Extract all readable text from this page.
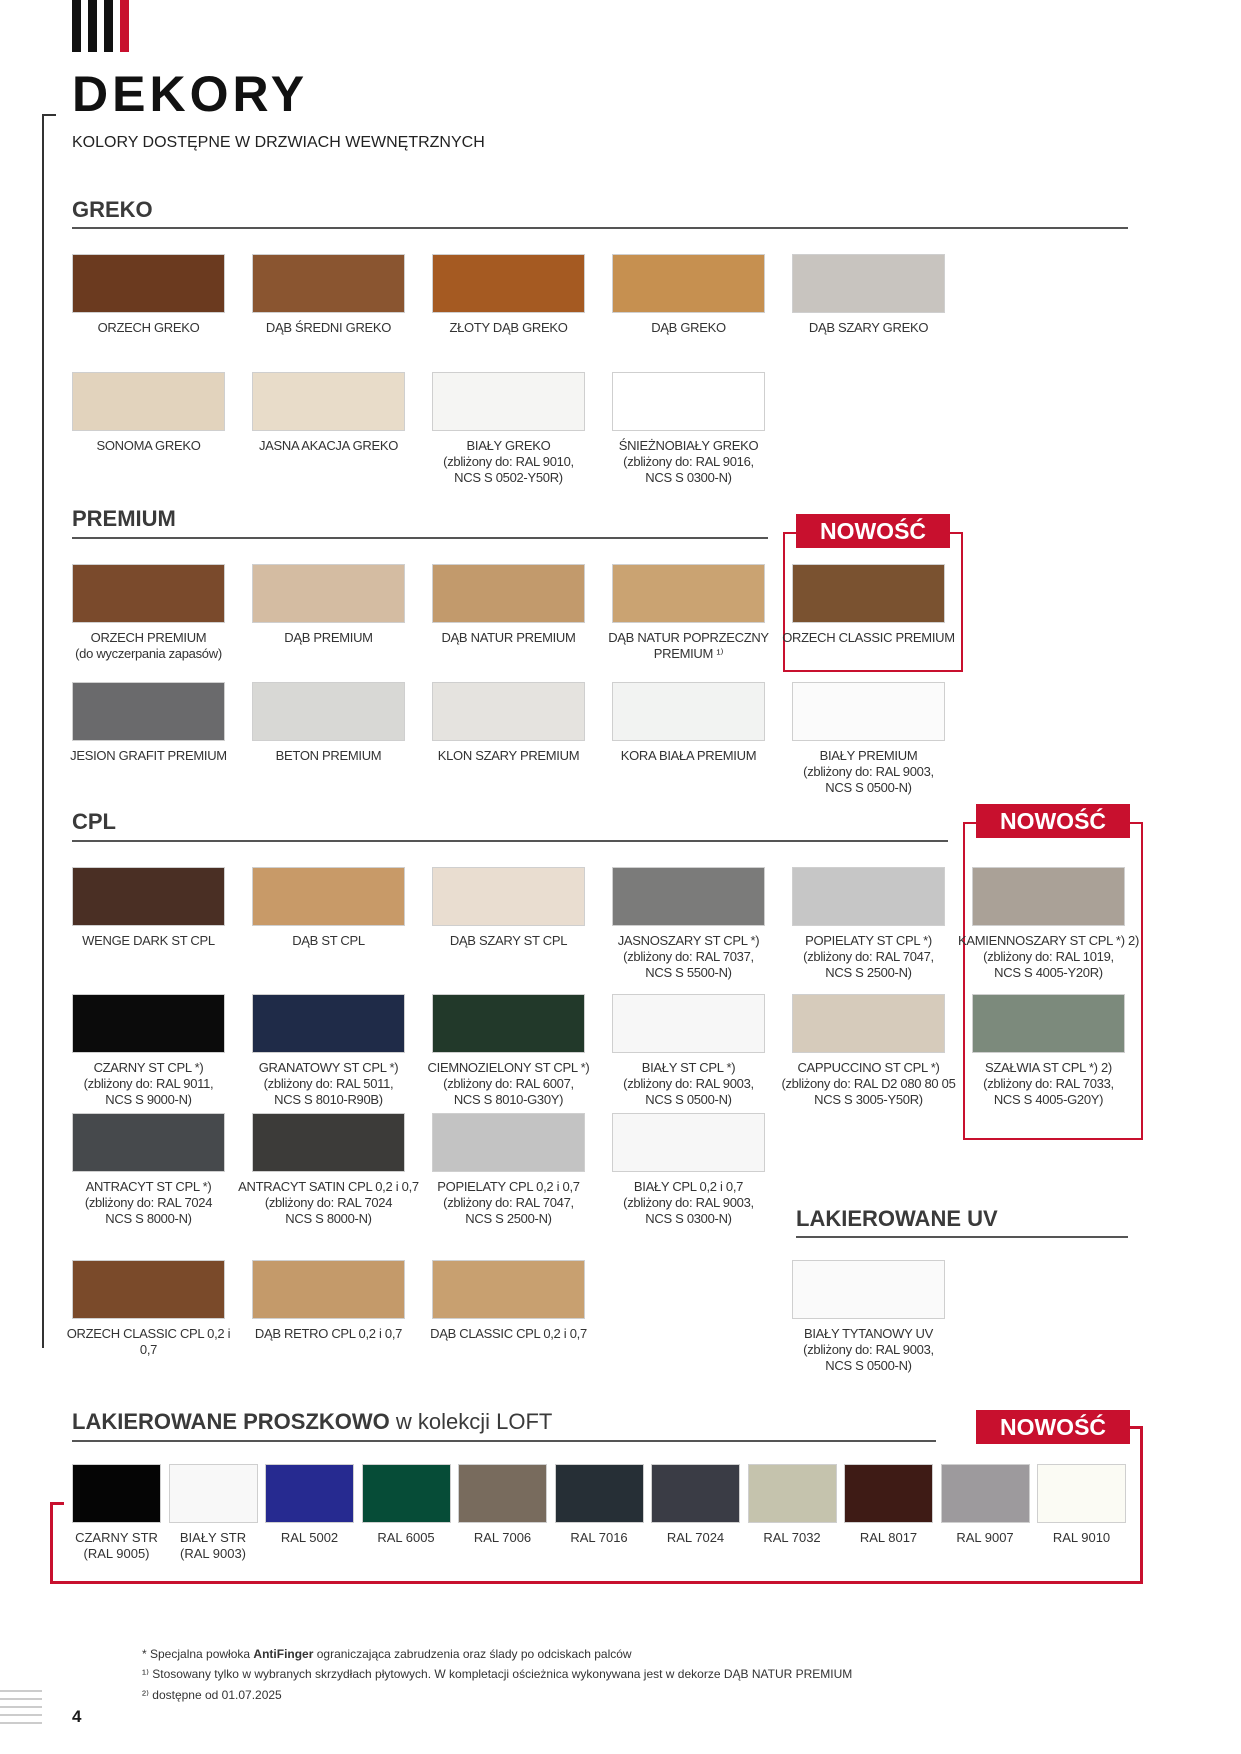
DEKORY
KOLORY DOSTĘPNE W DRZWIACH WEWNĘTRZNYCH
GREKO
PREMIUM
CPL
LAKIEROWANE UV
LAKIEROWANE PROSZKOWO w kolekcji LOFT
NOWOŚĆ
NOWOŚĆ
NOWOŚĆ
ORZECH GREKO	DĄB ŚREDNI GREKO	ZŁOTY DĄB GREKO	DĄB GREKO	DĄB SZARY GREKO
SONOMA GREKO	JASNA AKACJA GREKO	BIAŁY GREKO
(zbliżony do: RAL 9010,
NCS S 0502-Y50R)
ŚNIEŻNOBIAŁY GREKO
(zbliżony do: RAL 9016,
NCS S 0300-N)
ORZECH PREMIUM
(do wyczerpania zapasów)
DĄB PREMIUM	DĄB NATUR PREMIUM	DĄB NATUR POPRZECZNY
PREMIUM ¹⁾
ORZECH CLASSIC PREMIUM
JESION GRAFIT PREMIUM	BETON PREMIUM	KLON SZARY PREMIUM	KORA BIAŁA PREMIUM	BIAŁY PREMIUM
(zbliżony do: RAL 9003,
NCS S 0500-N)
WENGE DARK ST CPL	DĄB ST CPL	DĄB SZARY ST CPL	JASNOSZARY ST CPL *)
(zbliżony do: RAL 7037,
NCS S 5500-N)
POPIELATY ST CPL *)
(zbliżony do: RAL 7047,
NCS S 2500-N)
KAMIENNOSZARY ST CPL *) 2)
(zbliżony do: RAL 1019,
NCS S 4005-Y20R)
CZARNY ST CPL *)
(zbliżony do: RAL 9011,
NCS S 9000-N)
GRANATOWY ST CPL *)
(zbliżony do: RAL 5011,
NCS S 8010-R90B)
CIEMNOZIELONY ST CPL *)
(zbliżony do: RAL 6007,
NCS S 8010-G30Y)
BIAŁY ST CPL *)
(zbliżony do: RAL 9003,
NCS S 0500-N)
CAPPUCCINO ST CPL *)
(zbliżony do: RAL D2 080 80 05
NCS S 3005-Y50R)
SZAŁWIA ST CPL *) 2)
(zbliżony do: RAL 7033,
NCS S 4005-G20Y)
ANTRACYT ST CPL *)
(zbliżony do: RAL 7024
NCS S 8000-N)
ANTRACYT SATIN CPL 0,2 i 0,7
(zbliżony do: RAL 7024
NCS S 8000-N)
POPIELATY CPL 0,2 i 0,7
(zbliżony do: RAL 7047,
NCS S 2500-N)
BIAŁY CPL 0,2 i 0,7
(zbliżony do: RAL 9003,
NCS S 0300-N)
ORZECH CLASSIC CPL 0,2 i 0,7
DĄB RETRO CPL 0,2 i 0,7	DĄB CLASSIC CPL 0,2 i 0,7	BIAŁY TYTANOWY UV
(zbliżony do: RAL 9003,
NCS S 0500-N)
CZARNY STR
(RAL 9005)
BIAŁY STR
(RAL 9003)
RAL 5002	RAL 6005	RAL 7006	RAL 7016	RAL 7024	RAL 7032	RAL 8017	RAL 9007	RAL 9010
* Specjalna powłoka AntiFinger ograniczająca zabrudzenia oraz ślady po odciskach palców
¹⁾ Stosowany tylko w wybranych skrzydłach płytowych. W kompletacji ościeżnica wykonywana jest w dekorze DĄB NATUR PREMIUM
²⁾ dostępne od 01.07.2025
4
